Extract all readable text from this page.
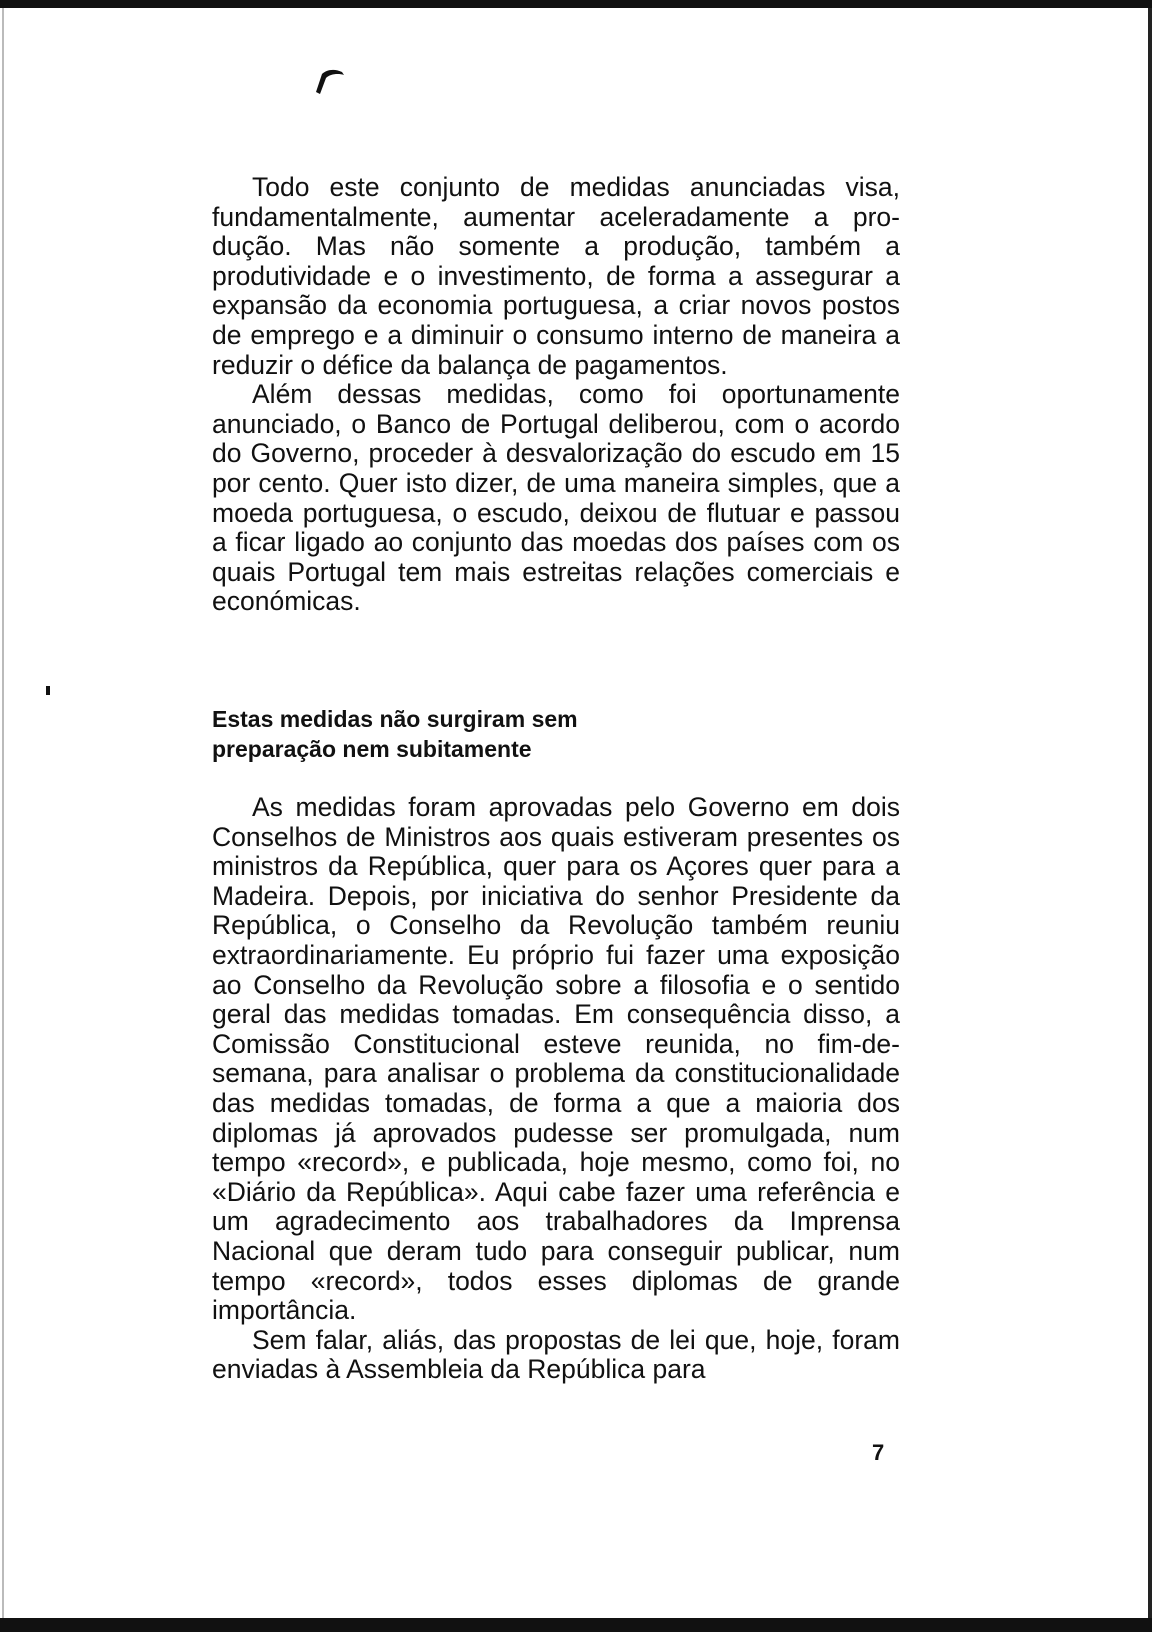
Todo este conjunto de medidas anunciadas visa, fundamentalmente, aumentar aceleradamente a produção. Mas não somente a produção, também a produtividade e o investimento, de forma a assegurar a expansão da economia portuguesa, a criar novos postos de emprego e a diminuir o consumo interno de maneira a reduzir o défice da balança de pagamentos.

Além dessas medidas, como foi oportunamente anunciado, o Banco de Portugal deliberou, com o acordo do Governo, proceder à desvalorização do escudo em 15 por cento. Quer isto dizer, de uma maneira simples, que a moeda portuguesa, o escudo, deixou de flutuar e passou a ficar ligado ao conjunto das moedas dos países com os quais Portugal tem mais estreitas relações comerciais e económicas.

Estas medidas não surgiram sem
preparação nem subitamente

As medidas foram aprovadas pelo Governo em dois Conselhos de Ministros aos quais estiveram presentes os ministros da República, quer para os Açores quer para a Madeira. Depois, por iniciativa do senhor Presidente da República, o Conselho da Revolução também reuniu extraordinariamente. Eu próprio fui fazer uma exposição ao Conselho da Revolução sobre a filosofia e o sentido geral das medidas tomadas. Em consequência disso, a Comissão Constitucional esteve reunida, no fim-de-semana, para analisar o problema da constitucionalidade das medidas tomadas, de forma a que a maioria dos diplomas já aprovados pudesse ser promulgada, num tempo «record», e publicada, hoje mesmo, como foi, no «Diário da República». Aqui cabe fazer uma referência e um agradecimento aos trabalhadores da Imprensa Nacional que deram tudo para conseguir publicar, num tempo «record», todos esses diplomas de grande importância.

Sem falar, aliás, das propostas de lei que, hoje, foram enviadas à Assembleia da República para

7
